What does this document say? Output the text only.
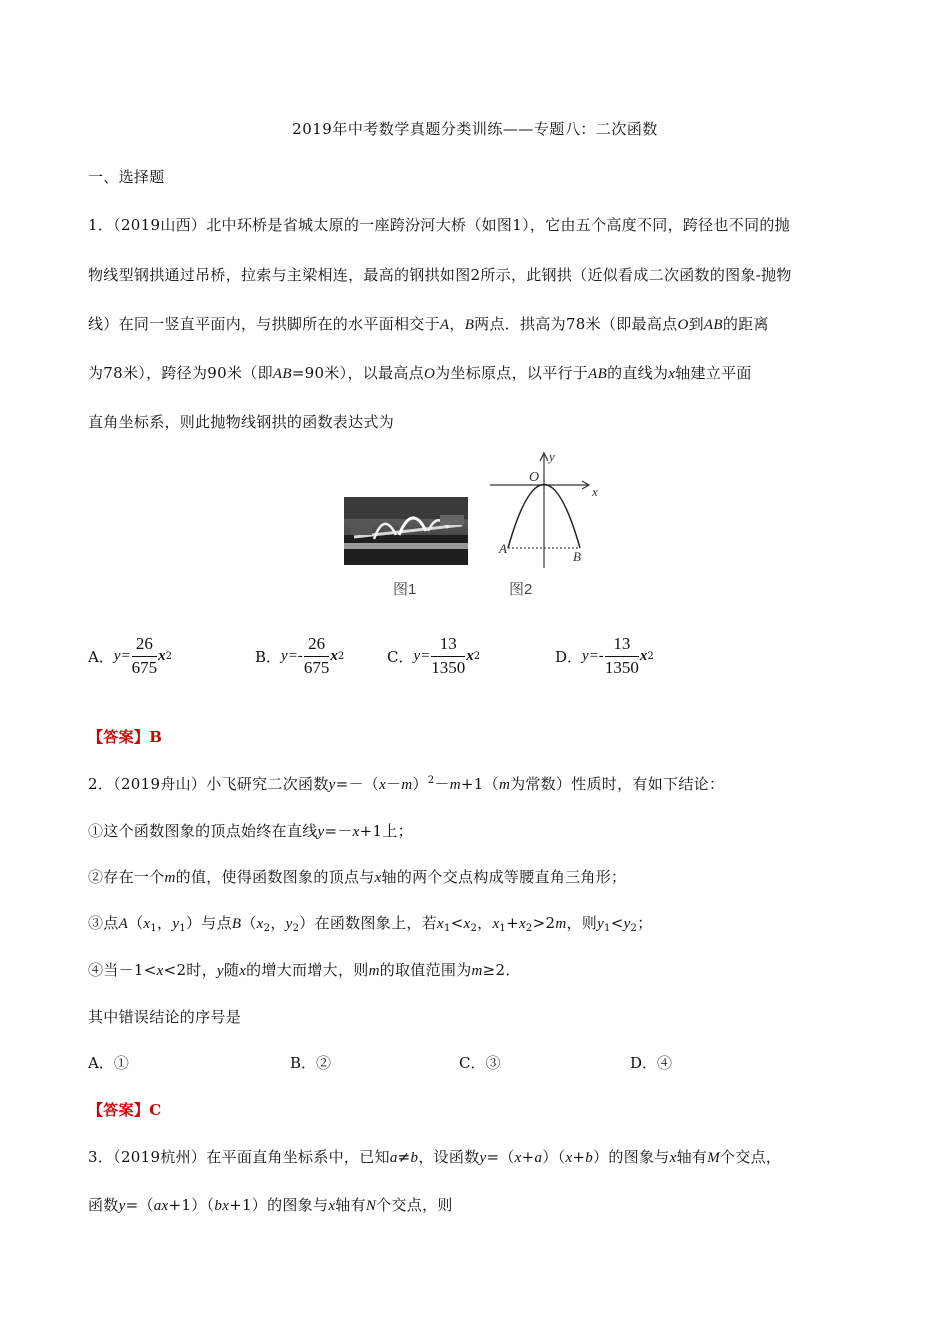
2019年中考数学真题分类训练——专题八：二次函数
一、选择题
1．（2019山西）北中环桥是省城太原的一座跨汾河大桥（如图1），它由五个高度不同，跨径也不同的抛
物线型钢拱通过吊桥，拉索与主梁相连，最高的钢拱如图2所示，此钢拱（近似看成二次函数的图象-抛物
线）在同一竖直平面内，与拱脚所在的水平面相交于A，B两点．拱高为78米（即最高点O到AB的距离
为78米），跨径为90米（即AB=90米），以最高点O为坐标原点，以平行于AB的直线为x轴建立平面
直角坐标系，则此抛物线钢拱的函数表达式为
y
O
x
A
B
图1	图2
A． $y= \frac{26}{675}$ x 2	B． $y=- \frac{26}{675}$ x 2	C． $y= \frac{13}{1350}$ x 2	D． $y=- \frac{13}{1350}$ x 2
【答案】B
2．（2019舟山）小飞研究二次函数$y=-(x-m)^2-m+1(m$为常数）性质时，有如下结论：
①这个函数图象的顶点始终在直线y=－x+1上；
②存在一个m的值，使得函数图象的顶点与x轴的两个交点构成等腰直角三角形；
③点$A(x_1$，$y_1$）与点$B(x_2$，$y_2$）在函数图象上，若$x_1<x_2$，$x_1+x_2>2m$，则$y_1<y_2$；
④当－1<x<2时，y随x的增大而增大，则m的取值范围为m≥2．
其中错误结论的序号是
A．①	B．②	C．③	D．④
【答案】C
3．（2019杭州）在平面直角坐标系中，已知a≠b，设函数y=（x+a）（x+b）的图象与x轴有M个交点，
函数y=（ax+1）（bx+1）的图象与x轴有N个交点，则
